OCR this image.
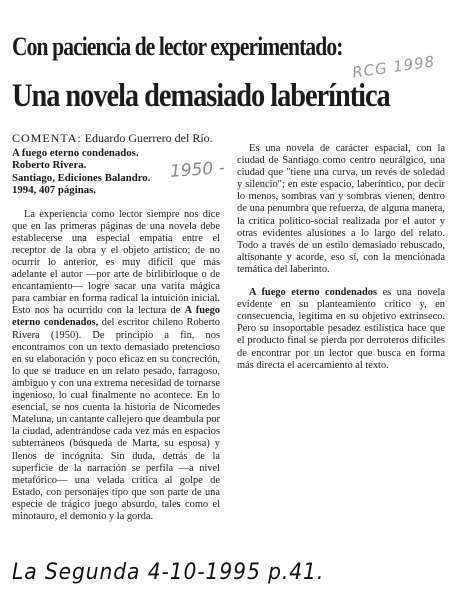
Con paciencia de lector experimentado:
Una novela demasiado laberíntica
RCG 1998
1950 -
COMENTA: Eduardo Guerrero del Río.
A fuego eterno condenados.
Roberto Rivera.
Santiago, Ediciones Balandro.
1994, 407 páginas.

La experiencia como lector siempre nos dice que en las primeras páginas de una novela debe establecerse una especial empatía entre el receptor de la obra y el objeto artístico; de no ocurrir lo anterior, es muy difícil que más adelante el autor —por arte de birlibirloque o de encantamiento— logre sacar una varita mágica para cambiar en forma radical la intuición inicial. Esto nos ha ocurrido con la lectura de A fuego eterno condenados, del escritor chileno Roberto Rivera (1950). De principio a fin, nos encontramos con un texto demasiado pretencioso en su elaboración y poco eficaz en su concreción, lo que se traduce en un relato pesado, farragoso, ambiguo y con una extrema necesidad de tornarse ingenioso, lo cual finalmente no acontece. En lo esencial, se nos cuenta la historia de Nicomedes Mateluna, un cantante callejero que deambula por la ciudad, adentrándose cada vez más en espacios subterráneos (búsqueda de Marta, su esposa) y llenos de incógnita. Sin duda, detrás de la superficie de la narración se perfila —a nivel metafórico— una velada crítica al golpe de Estado, con personajes tipo que son parte de una especie de trágico juego absurdo, tales como el minotauro, el demonio y la gorda.

Es una novela de carácter espacial, con la ciudad de Santiago como centro neurálgico, una ciudad que "tiene una curva, un revés de soledad y silencio"; en este espacio, laberíntico, por decir lo menos, sombras van y sombras vienen, dentro de una penumbra que refuerza, de alguna manera, la crítica político-social realizada por el autor y otras evidentes alusiones a lo largo del relato. Todo a través de un estilo demasiado rebuscado, altisonante y acorde, eso sí, con la mencionada temática del laberinto.

A fuego eterno condenados es una novela evidente en su planteamiento crítico y, en consecuencia, legítima en su objetivo extrínseco. Pero su insoportable pesadez estilística hace que el producto final se pierda por derroteros difíciles de encontrar por un lector que busca en forma más directa el acercamiento al texto.

La Segunda 4-10-1995 p.41.
